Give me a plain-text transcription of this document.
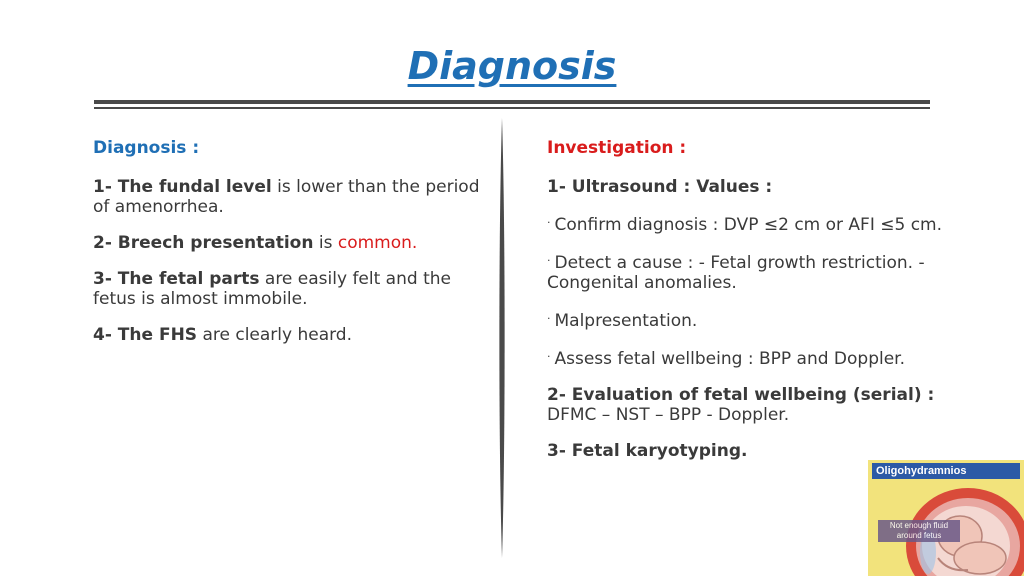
Diagnosis

Diagnosis :

1- The fundal level is lower than the period of amenorrhea.

2- Breech presentation is common.

3- The fetal parts are easily felt and the fetus is almost immobile.

4- The FHS are clearly heard.

Investigation :

1- Ultrasound : Values :

· Confirm diagnosis : DVP ≤2 cm or AFI ≤5 cm.

· Detect a cause : - Fetal growth restriction. - Congenital anomalies.

· Malpresentation.

· Assess fetal wellbeing : BPP and Doppler.

2- Evaluation of fetal wellbeing (serial) : DFMC – NST – BPP - Doppler.

3- Fetal karyotyping.

Oligohydramnios
Not enough fluid around fetus
